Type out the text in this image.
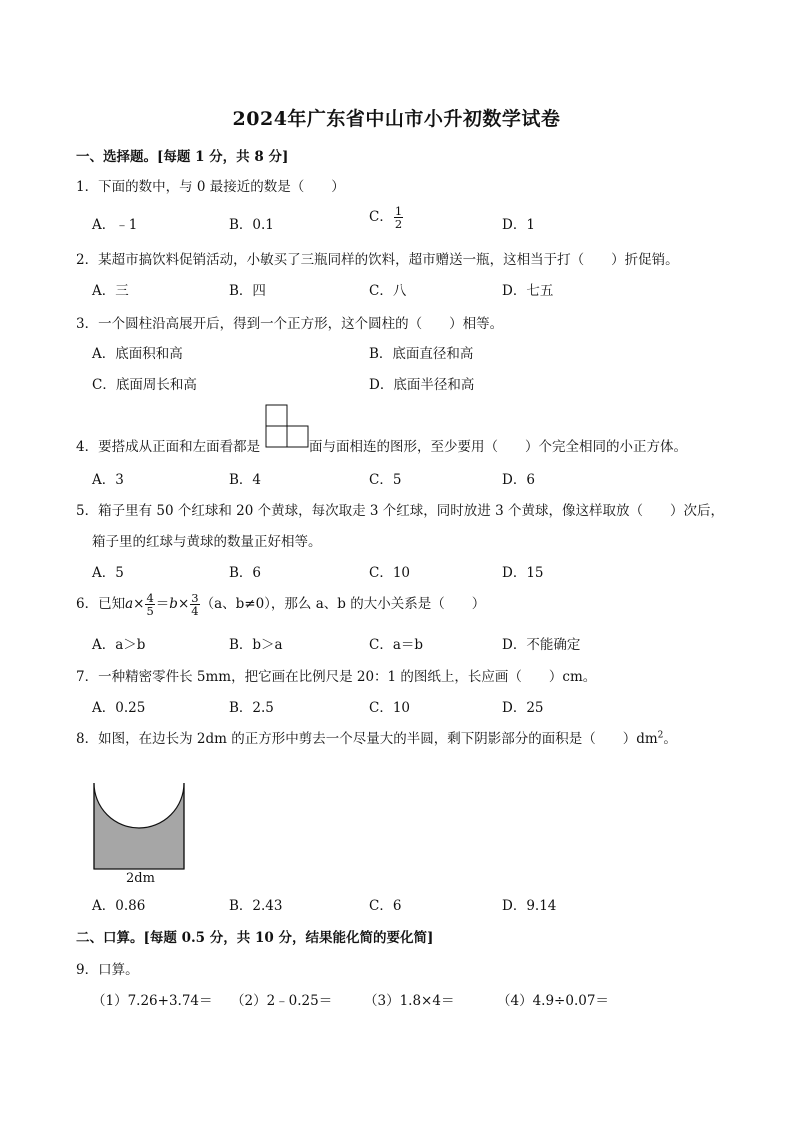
2024年广东省中山市小升初数学试卷
一、选择题。[每题 1 分，共 8 分]
1．下面的数中，与 0 最接近的数是（　　）
A．﹣1	B．0.1	C． $\frac{1}{2}$	D．1
2．某超市搞饮料促销活动，小敏买了三瓶同样的饮料，超市赠送一瓶，这相当于打（　　）折促销。
A．三	B．四	C．八	D．七五
3．一个圆柱沿高展开后，得到一个正方形，这个圆柱的（　　）相等。
A．底面积和高	B．底面直径和高
C．底面周长和高	D．底面半径和高
4．要搭成从正面和左面看都是	面与面相连的图形，至少要用（　　）个完全相同的小正方体。
A．3	B．4	C．5	D．6
5．箱子里有 50 个红球和 20 个黄球，每次取走 3 个红球，同时放进 3 个黄球，像这样取放（　　）次后，
箱子里的红球与黄球的数量正好相等。
A．5	B．6	C．10	D．15
6．已知$a\times \frac{4}{5} =b\times \frac{3}{4} (a$、b≠0），那么 a、b 的大小关系是（　　）
A．a＞b	B．b＞a	C．a＝b	D．不能确定
7．一种精密零件长 5mm，把它画在比例尺是 20：1 的图纸上，长应画（　　）cm。
A．0.25	B．2.5	C．10	D．25
8．如图，在边长为 2dm 的正方形中剪去一个尽量大的半圆，剩下阴影部分的面积是（　　）$dm^2$。
2dm
A．0.86	B．2.43	C．6	D．9.14
二、口算。[每题 0.5 分，共 10 分，结果能化简的要化简]
9．口算。
（1）7.26+3.74＝ （2）2﹣0.25＝ （3）1.8×4＝	（4）4.9÷0.07＝
